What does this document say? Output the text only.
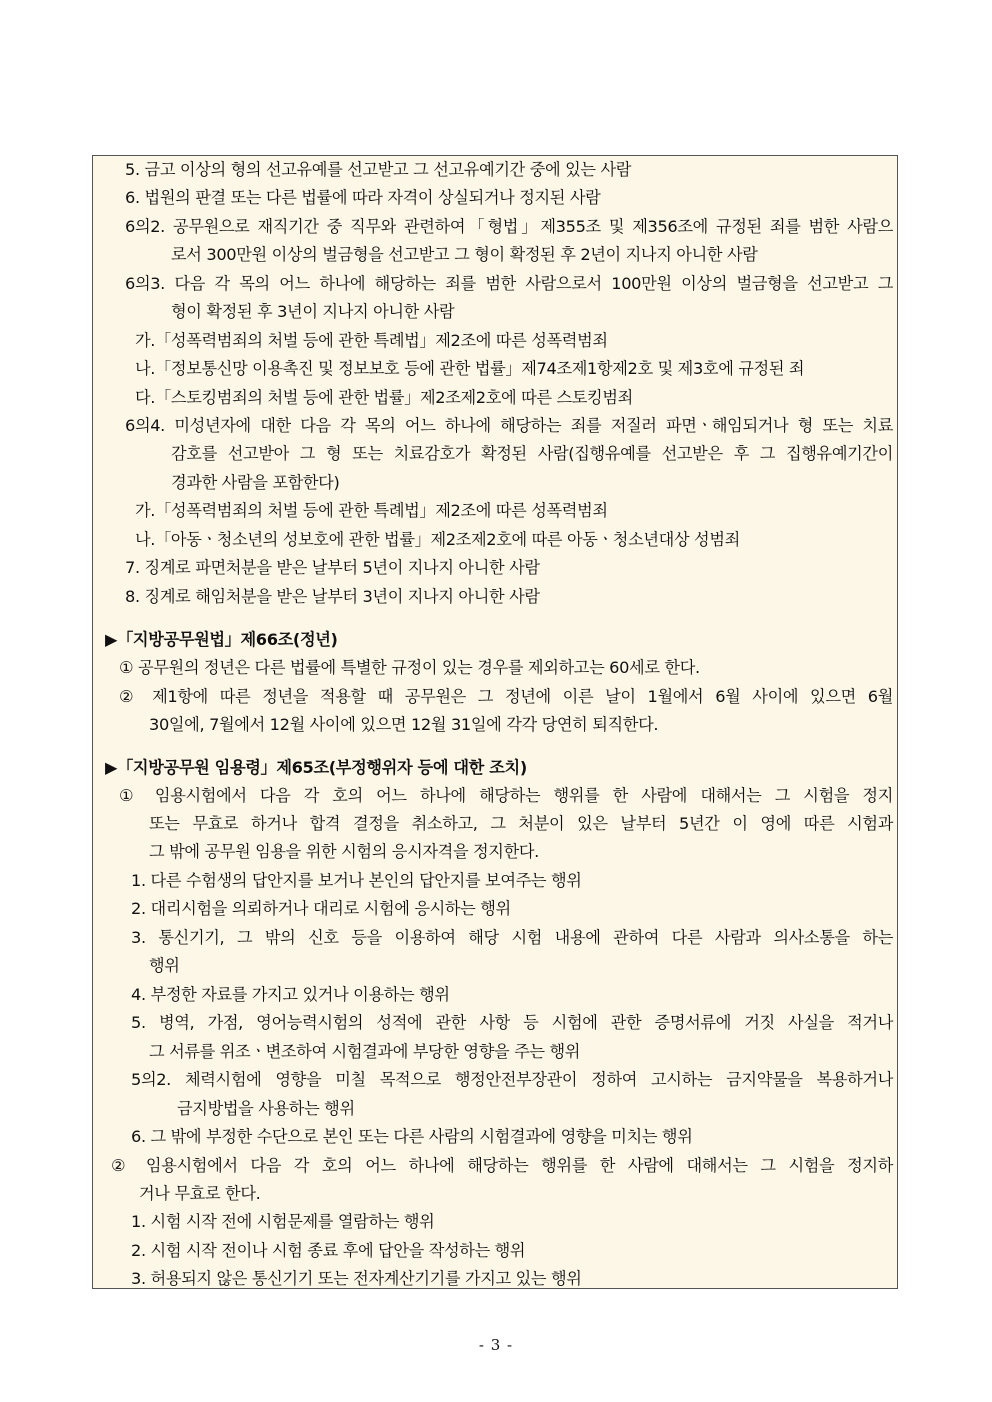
5. 금고 이상의 형의 선고유예를 선고받고 그 선고유예기간 중에 있는 사람
6. 법원의 판결 또는 다른 법률에 따라 자격이 상실되거나 정지된 사람
6의2. 공무원으로 재직기간 중 직무와 관련하여「형법」제355조 및 제356조에 규정된 죄를 범한 사람으
로서 300만원 이상의 벌금형을 선고받고 그 형이 확정된 후 2년이 지나지 아니한 사람
6의3. 다음 각 목의 어느 하나에 해당하는 죄를 범한 사람으로서 100만원 이상의 벌금형을 선고받고 그
형이 확정된 후 3년이 지나지 아니한 사람
가.「성폭력범죄의 처벌 등에 관한 특례법」제2조에 따른 성폭력범죄
나.「정보통신망 이용촉진 및 정보보호 등에 관한 법률」제74조제1항제2호 및 제3호에 규정된 죄
다.「스토킹범죄의 처벌 등에 관한 법률」제2조제2호에 따른 스토킹범죄
6의4. 미성년자에 대한 다음 각 목의 어느 하나에 해당하는 죄를 저질러 파면ㆍ해임되거나 형 또는 치료
감호를 선고받아 그 형 또는 치료감호가 확정된 사람(집행유예를 선고받은 후 그 집행유예기간이
경과한 사람을 포함한다)
가.「성폭력범죄의 처벌 등에 관한 특례법」제2조에 따른 성폭력범죄
나.「아동ㆍ청소년의 성보호에 관한 법률」제2조제2호에 따른 아동ㆍ청소년대상 성범죄
7. 징계로 파면처분을 받은 날부터 5년이 지나지 아니한 사람
8. 징계로 해임처분을 받은 날부터 3년이 지나지 아니한 사람
▶「지방공무원법」제66조(정년)
① 공무원의 정년은 다른 법률에 특별한 규정이 있는 경우를 제외하고는 60세로 한다.
② 제1항에 따른 정년을 적용할 때 공무원은 그 정년에 이른 날이 1월에서 6월 사이에 있으면 6월
30일에, 7월에서 12월 사이에 있으면 12월 31일에 각각 당연히 퇴직한다.
▶「지방공무원 임용령」제65조(부정행위자 등에 대한 조치)
① 임용시험에서 다음 각 호의 어느 하나에 해당하는 행위를 한 사람에 대해서는 그 시험을 정지
또는 무효로 하거나 합격 결정을 취소하고, 그 처분이 있은 날부터 5년간 이 영에 따른 시험과
그 밖에 공무원 임용을 위한 시험의 응시자격을 정지한다.
1. 다른 수험생의 답안지를 보거나 본인의 답안지를 보여주는 행위
2. 대리시험을 의뢰하거나 대리로 시험에 응시하는 행위
3. 통신기기, 그 밖의 신호 등을 이용하여 해당 시험 내용에 관하여 다른 사람과 의사소통을 하는
행위
4. 부정한 자료를 가지고 있거나 이용하는 행위
5. 병역, 가점, 영어능력시험의 성적에 관한 사항 등 시험에 관한 증명서류에 거짓 사실을 적거나
그 서류를 위조ㆍ변조하여 시험결과에 부당한 영향을 주는 행위
5의2. 체력시험에 영향을 미칠 목적으로 행정안전부장관이 정하여 고시하는 금지약물을 복용하거나
금지방법을 사용하는 행위
6. 그 밖에 부정한 수단으로 본인 또는 다른 사람의 시험결과에 영향을 미치는 행위
② 임용시험에서 다음 각 호의 어느 하나에 해당하는 행위를 한 사람에 대해서는 그 시험을 정지하
거나 무효로 한다.
1. 시험 시작 전에 시험문제를 열람하는 행위
2. 시험 시작 전이나 시험 종료 후에 답안을 작성하는 행위
3. 허용되지 않은 통신기기 또는 전자계산기기를 가지고 있는 행위
- 3 -
